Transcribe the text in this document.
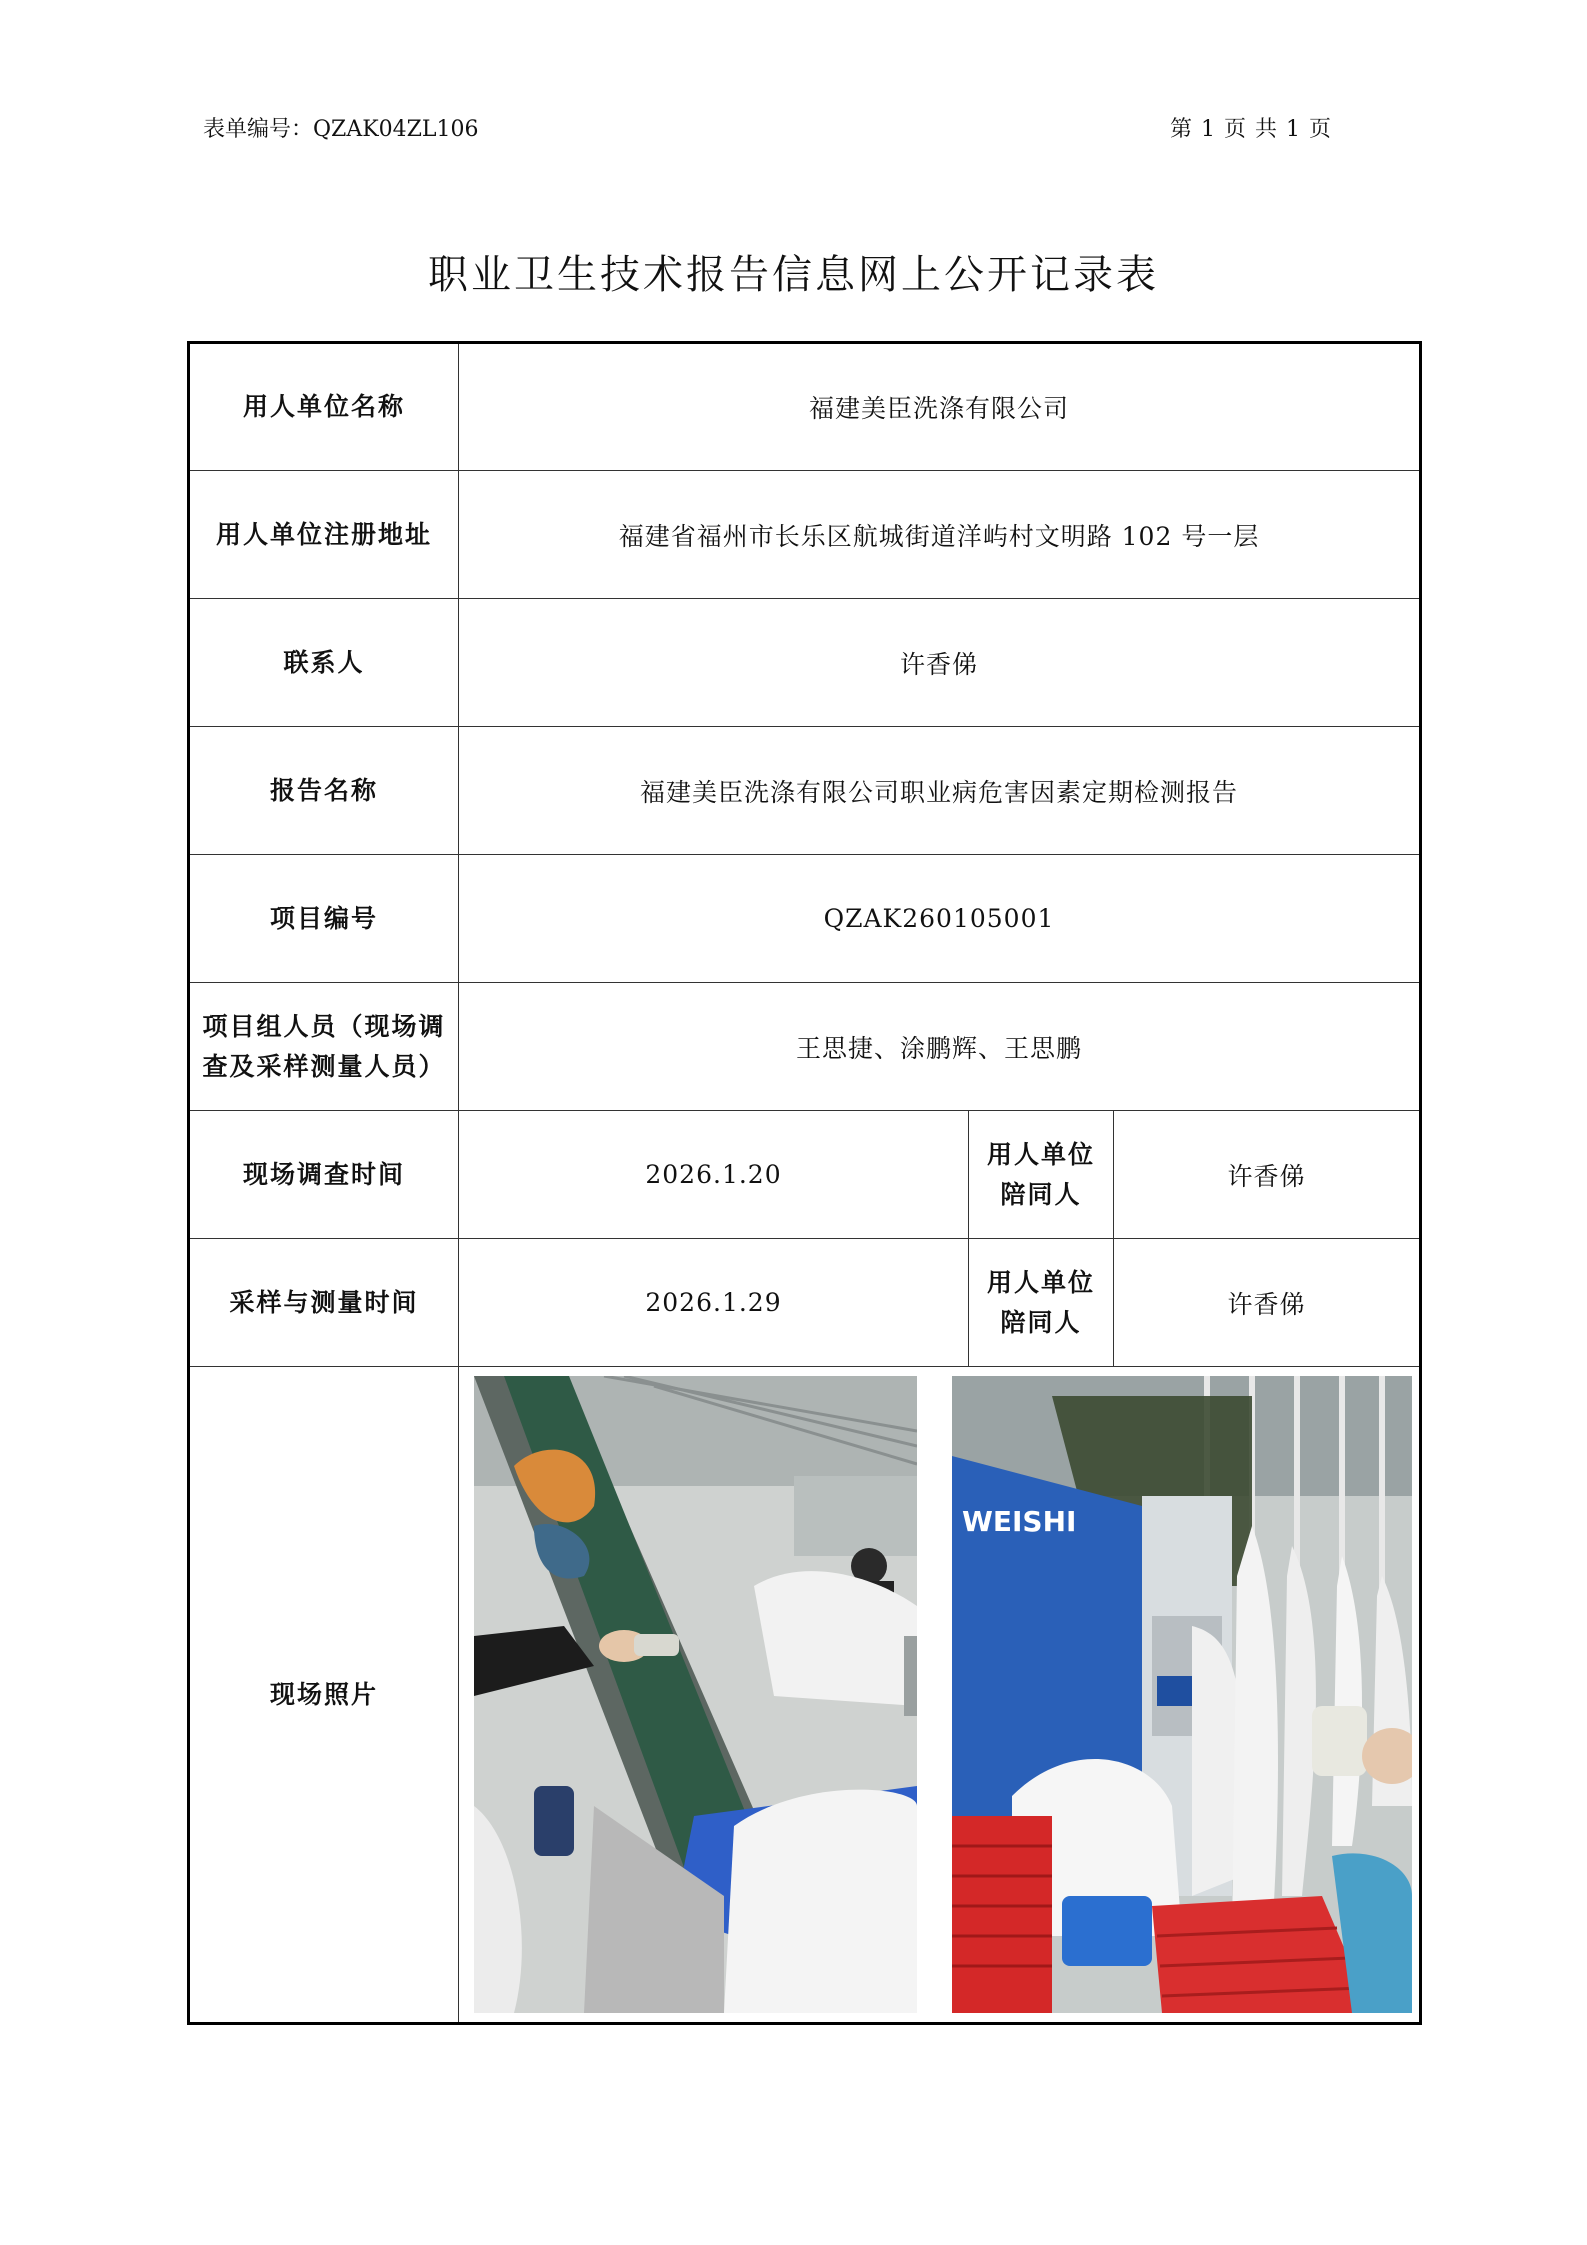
表单编号：QZAK04ZL106	第 1 页 共 1 页
职业卫生技术报告信息网上公开记录表
用人单位名称	福建美臣洗涤有限公司		
用人单位注册地址	福建省福州市长乐区航城街道洋屿村文明路 102 号一层		
联系人	许香俤		
报告名称	福建美臣洗涤有限公司职业病危害因素定期检测报告		
项目编号	QZAK260105001		

项目组人员（现场调
查及采样测量人员）	王思捷、涂鹏辉、王思鹏		
现场调查时间	2026.1.20	用人单位
陪同人	许香俤
采样与测量时间	2026.1.29	用人单位
陪同人	许香俤
现场照片	WEISHI		
